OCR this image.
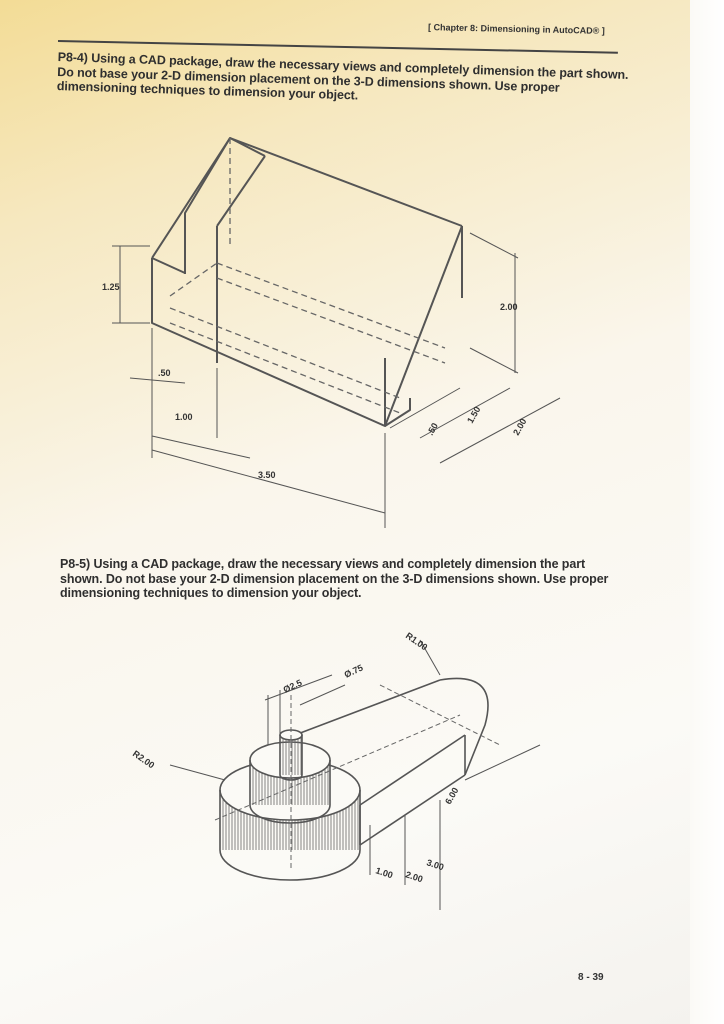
[ Chapter 8: Dimensioning in AutoCAD® ]
P8-4) Using a CAD package, draw the necessary views and completely dimension the part shown. Do not base your 2-D dimension placement on the 3-D dimensions shown. Use proper dimensioning techniques to dimension your object.
1.25
2.00
.50
1.00
3.50
.50
1.50
2.00
P8-5) Using a CAD package, draw the necessary views and completely dimension the part shown. Do not base your 2-D dimension placement on the 3-D dimensions shown. Use proper dimensioning techniques to dimension your object.
R1.00
R2.00
Ø2.5
Ø.75
1.00 2.00
3.00
6.00
8 - 39
